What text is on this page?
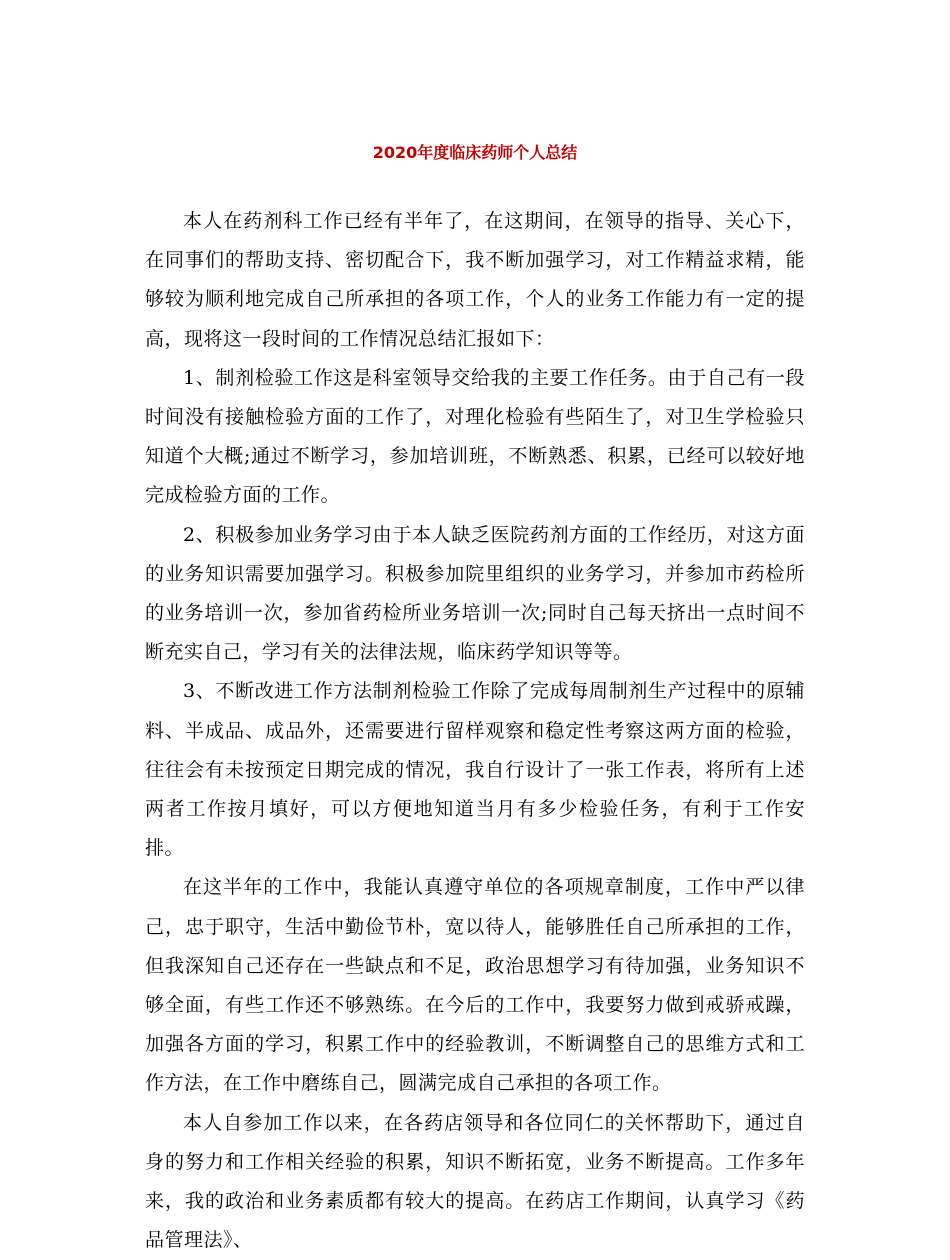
2020年度临床药师个人总结

本人在药剂科工作已经有半年了，在这期间，在领导的指导、关心下，在同事们的帮助支持、密切配合下，我不断加强学习，对工作精益求精，能够较为顺利地完成自己所承担的各项工作，个人的业务工作能力有一定的提高，现将这一段时间的工作情况总结汇报如下：

1、制剂检验工作这是科室领导交给我的主要工作任务。由于自己有一段时间没有接触检验方面的工作了，对理化检验有些陌生了，对卫生学检验只知道个大概;通过不断学习，参加培训班，不断熟悉、积累，已经可以较好地完成检验方面的工作。

2、积极参加业务学习由于本人缺乏医院药剂方面的工作经历，对这方面的业务知识需要加强学习。积极参加院里组织的业务学习，并参加市药检所的业务培训一次，参加省药检所业务培训一次;同时自己每天挤出一点时间不断充实自己，学习有关的法律法规，临床药学知识等等。

3、不断改进工作方法制剂检验工作除了完成每周制剂生产过程中的原辅料、半成品、成品外，还需要进行留样观察和稳定性考察这两方面的检验，往往会有未按预定日期完成的情况，我自行设计了一张工作表，将所有上述两者工作按月填好，可以方便地知道当月有多少检验任务，有利于工作安排。

在这半年的工作中，我能认真遵守单位的各项规章制度，工作中严以律己，忠于职守，生活中勤俭节朴，宽以待人，能够胜任自己所承担的工作，但我深知自己还存在一些缺点和不足，政治思想学习有待加强，业务知识不够全面，有些工作还不够熟练。在今后的工作中，我要努力做到戒骄戒躁，加强各方面的学习，积累工作中的经验教训，不断调整自己的思维方式和工作方法，在工作中磨练自己，圆满完成自己承担的各项工作。

本人自参加工作以来，在各药店领导和各位同仁的关怀帮助下，通过自身的努力和工作相关经验的积累，知识不断拓宽，业务不断提高。工作多年来，我的政治和业务素质都有较大的提高。在药店工作期间，认真学习《药品管理法》、
